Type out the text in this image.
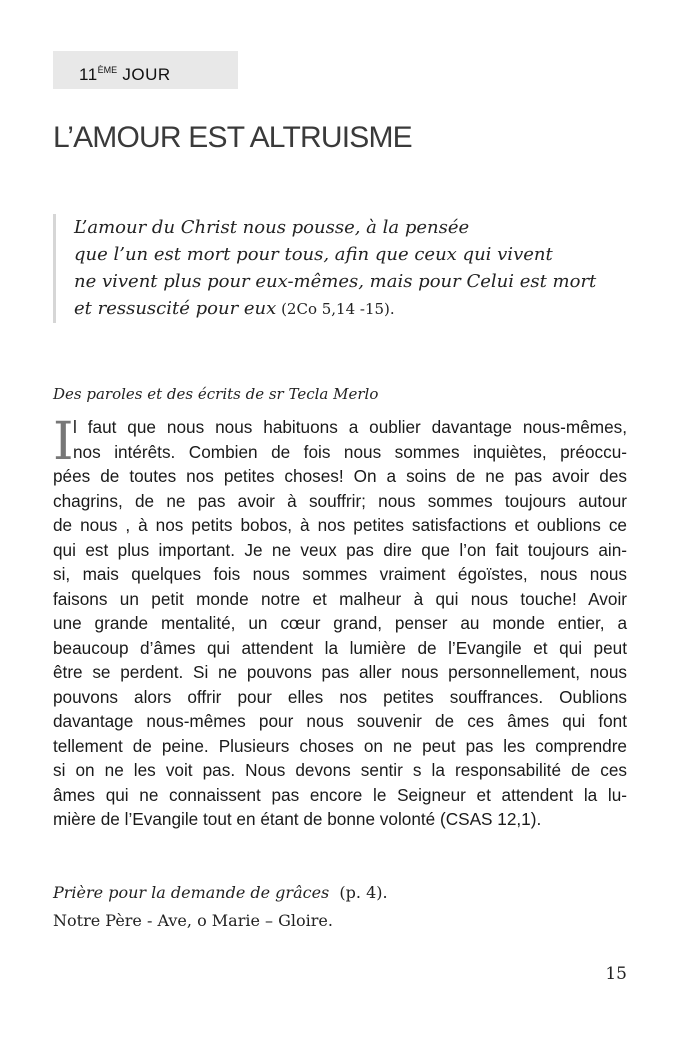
11ÈME JOUR
L’AMOUR EST ALTRUISME
L’amour du Christ nous pousse, à la pensée
que l’un est mort pour tous, afin que ceux qui vivent
ne vivent plus pour eux-mêmes, mais pour Celui est mort
et ressuscité pour eux (2Co 5,14 -15).
Des paroles et des écrits de sr Tecla Merlo
I l faut que nous nous habituons a oublier davantage nous-mêmes,
nos intérêts. Combien de fois nous sommes inquiètes, préoccu-
pées de toutes nos petites choses! On a soins de ne pas avoir des
chagrins, de ne pas avoir à souffrir; nous sommes toujours autour
de nous , à nos petits bobos, à nos petites satisfactions et oublions ce
qui est plus important. Je ne veux pas dire que l’on fait toujours ain-
si, mais quelques fois nous sommes vraiment égoïstes, nous nous
faisons un petit monde notre et malheur à qui nous touche! Avoir
une grande mentalité, un cœur grand, penser au monde entier, a
beaucoup d’âmes qui attendent la lumière de l’Evangile et qui peut
être se perdent. Si ne pouvons pas aller nous personnellement, nous
pouvons alors offrir pour elles nos petites souffrances. Oublions
davantage nous-mêmes pour nous souvenir de ces âmes qui font
tellement de peine. Plusieurs choses on ne peut pas les comprendre
si on ne les voit pas. Nous devons sentir s la responsabilité de ces
âmes qui ne connaissent pas encore le Seigneur et attendent la lu-
mière de l’Evangile tout en étant de bonne volonté (CSAS 12,1).
Prière pour la demande de grâces  (p. 4).
Notre Père - Ave, o Marie – Gloire.
15
